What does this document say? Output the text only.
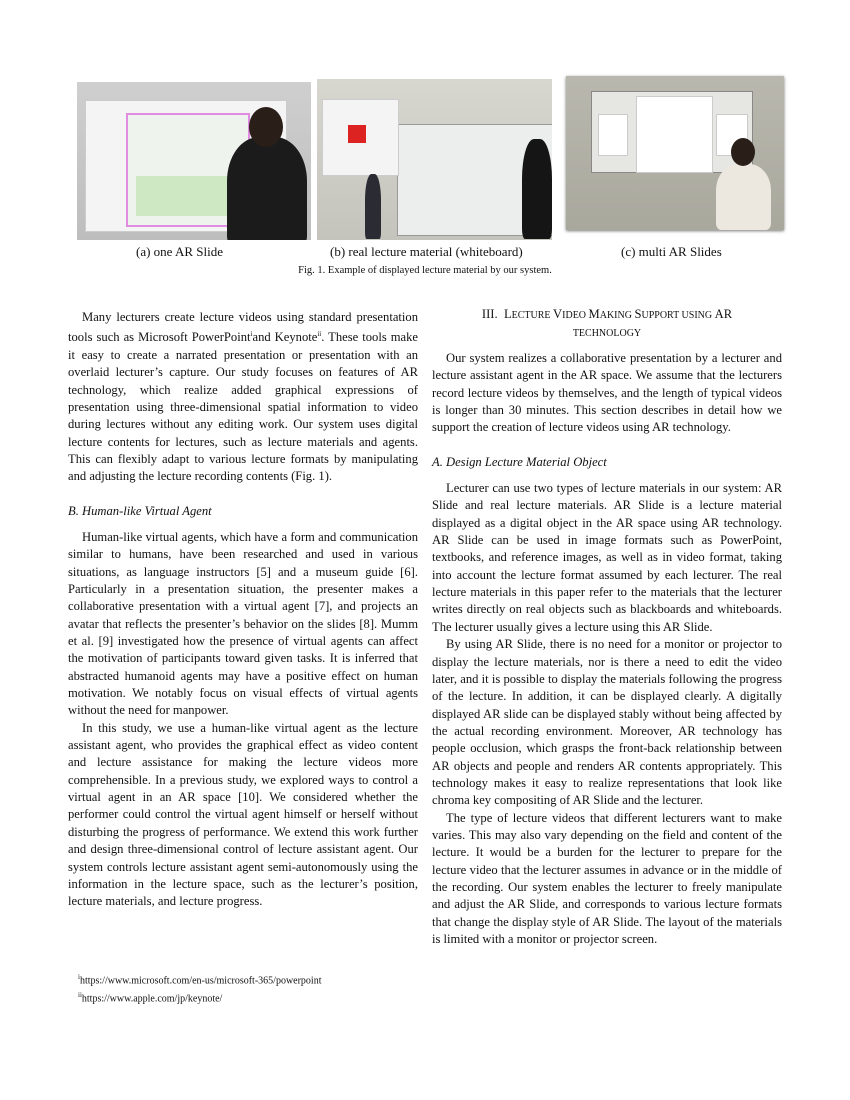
(a) one AR Slide	(b) real lecture material (whiteboard)	(c) multi AR Slides
Fig. 1. Example of displayed lecture material by our system.

Many lecturers create lecture videos using standard presentation tools such as Microsoft PowerPoint$^i$and Keynote$^{ii}$. These tools make it easy to create a narrated presentation or presentation with an overlaid lecturer’s capture. Our study focuses on features of AR technology, which realize added graphical expressions of presentation using three-dimensional spatial information to video during lectures without any editing work. Our system uses digital lecture contents for lectures, such as lecture materials and agents. This can flexibly adapt to various lecture formats by manipulating and adjusting the lecture recording contents (Fig. 1).

B. Human-like Virtual Agent

Human-like virtual agents, which have a form and communication similar to humans, have been researched and used in various situations, as language instructors [5] and a museum guide [6]. Particularly in a presentation situation, the presenter makes a collaborative presentation with a virtual agent [7], and projects an avatar that reflects the presenter’s behavior on the slides [8]. Mumm et al. [9] investigated how the presence of virtual agents can affect the motivation of participants toward given tasks. It is inferred that abstracted humanoid agents may have a positive effect on human motivation. We notably focus on visual effects of virtual agents without the need for manpower.

In this study, we use a human-like virtual agent as the lecture assistant agent, who provides the graphical effect as video content and lecture assistance for making the lecture videos more comprehensible. In a previous study, we explored ways to control a virtual agent in an AR space [10]. We considered whether the performer could control the virtual agent himself or herself without disturbing the progress of performance. We extend this work further and design three-dimensional control of lecture assistant agent. Our system controls lecture assistant agent semi-autonomously using the information in the lecture space, such as the lecturer’s position, lecture materials, and lecture progress.

$^i$https://www.microsoft.com/en-us/microsoft-365/powerpoint
$^{ii}$https://www.apple.com/jp/keynote/
III. LECTURE VIDEO MAKING SUPPORT USING AR
TECHNOLOGY

Our system realizes a collaborative presentation by a lecturer and lecture assistant agent in the AR space. We assume that the lecturers record lecture videos by themselves, and the length of typical videos is longer than 30 minutes. This section describes in detail how we support the creation of lecture videos using AR technology.

A. Design Lecture Material Object

Lecturer can use two types of lecture materials in our system: AR Slide and real lecture materials. AR Slide is a lecture material displayed as a digital object in the AR space using AR technology. AR Slide can be used in image formats such as PowerPoint, textbooks, and reference images, as well as in video format, taking into account the lecture format assumed by each lecturer. The real lecture materials in this paper refer to the materials that the lecturer writes directly on real objects such as blackboards and whiteboards. The lecturer usually gives a lecture using this AR Slide.

By using AR Slide, there is no need for a monitor or projector to display the lecture materials, nor is there a need to edit the video later, and it is possible to display the materials following the progress of the lecture. In addition, it can be displayed clearly. A digitally displayed AR slide can be displayed stably without being affected by the actual recording environment. Moreover, AR technology has people occlusion, which grasps the front-back relationship between AR objects and people and renders AR contents appropriately. This technology makes it easy to realize representations that look like chroma key compositing of AR Slide and the lecturer.

The type of lecture videos that different lecturers want to make varies. This may also vary depending on the field and content of the lecture. It would be a burden for the lecturer to prepare for the lecture video that the lecturer assumes in advance or in the middle of the recording. Our system enables the lecturer to freely manipulate and adjust the AR Slide, and corresponds to various lecture formats that change the display style of AR Slide. The layout of the materials is limited with a monitor or projector screen.
